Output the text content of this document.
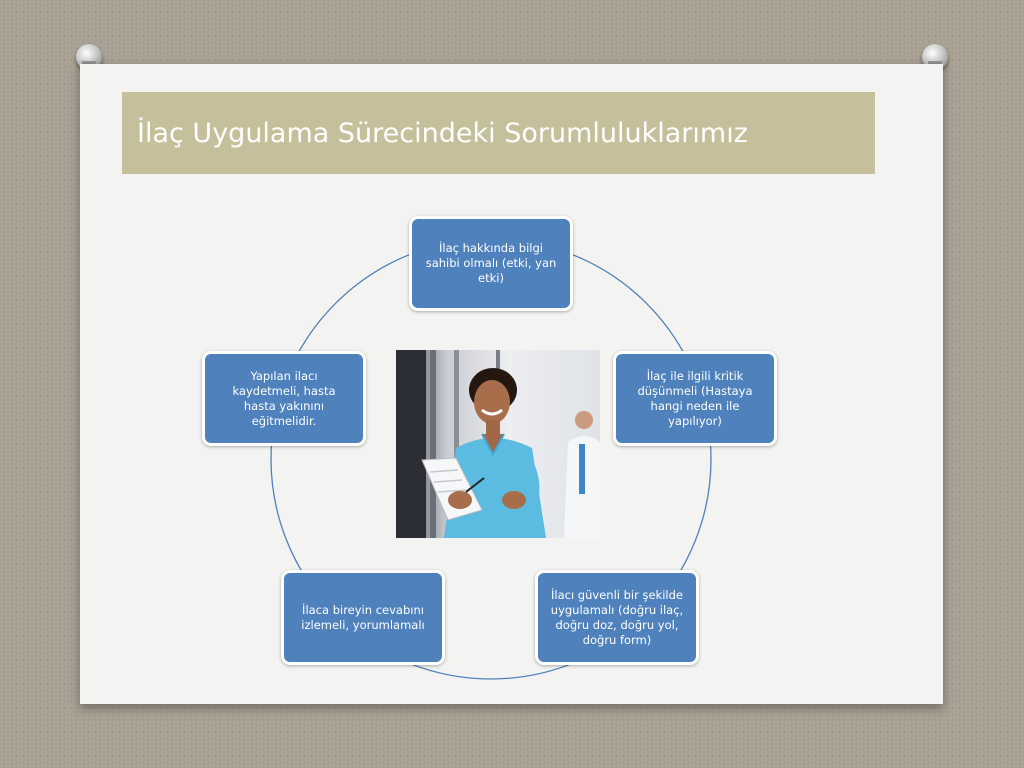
İlaç Uygulama Sürecindeki Sorumluluklarımız
İlaç hakkında bilgi sahibi olmalı (etki, yan etki)
İlaç ile ilgili kritik düşünmeli (Hastaya hangi neden ile yapılıyor)
İlacı güvenli bir şekilde uygulamalı (doğru ilaç, doğru doz, doğru yol, doğru form)
İlaca bireyin cevabını izlemeli, yorumlamalı
Yapılan ilacı kaydetmeli, hasta hasta yakınını eğitmelidir.
